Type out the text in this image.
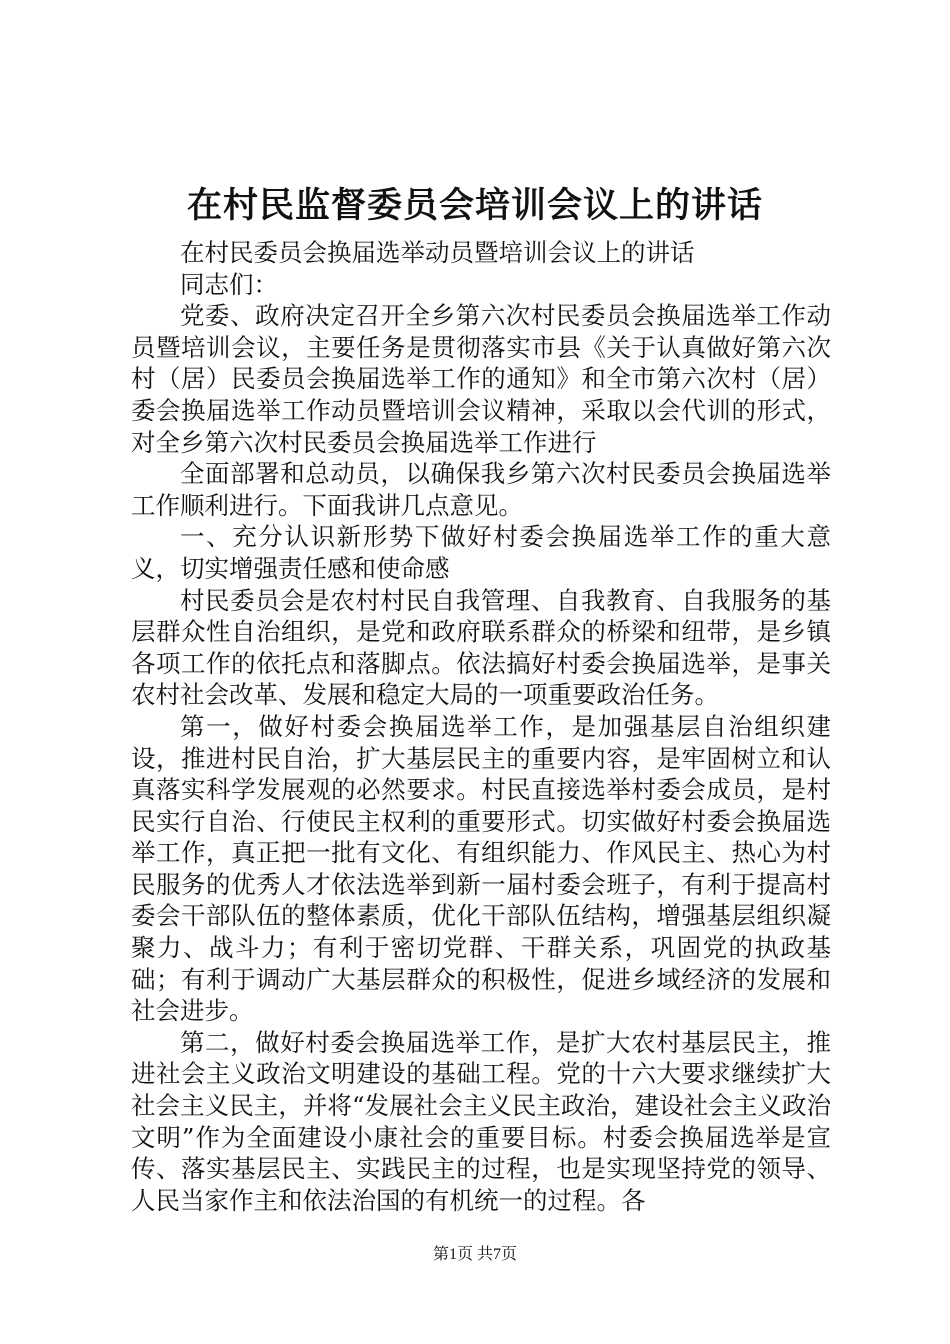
在村民监督委员会培训会议上的讲话

在村民委员会换届选举动员暨培训会议上的讲话

同志们：

党委、政府决定召开全乡第六次村民委员会换届选举工作动员暨培训会议，主要任务是贯彻落实市县《关于认真做好第六次村（居）民委员会换届选举工作的通知》和全市第六次村（居）委会换届选举工作动员暨培训会议精神，采取以会代训的形式，对全乡第六次村民委员会换届选举工作进行

全面部署和总动员，以确保我乡第六次村民委员会换届选举工作顺利进行。下面我讲几点意见。

一、充分认识新形势下做好村委会换届选举工作的重大意义，切实增强责任感和使命感

村民委员会是农村村民自我管理、自我教育、自我服务的基层群众性自治组织，是党和政府联系群众的桥梁和纽带，是乡镇各项工作的依托点和落脚点。依法搞好村委会换届选举，是事关农村社会改革、发展和稳定大局的一项重要政治任务。

第一，做好村委会换届选举工作，是加强基层自治组织建设，推进村民自治，扩大基层民主的重要内容，是牢固树立和认真落实科学发展观的必然要求。村民直接选举村委会成员，是村民实行自治、行使民主权利的重要形式。切实做好村委会换届选举工作，真正把一批有文化、有组织能力、作风民主、热心为村民服务的优秀人才依法选举到新一届村委会班子，有利于提高村委会干部队伍的整体素质，优化干部队伍结构，增强基层组织凝聚力、战斗力；有利于密切党群、干群关系，巩固党的执政基础；有利于调动广大基层群众的积极性，促进乡域经济的发展和社会进步。

第二，做好村委会换届选举工作，是扩大农村基层民主，推进社会主义政治文明建设的基础工程。党的十六大要求继续扩大社会主义民主，并将“发展社会主义民主政治，建设社会主义政治文明”作为全面建设小康社会的重要目标。村委会换届选举是宣传、落实基层民主、实践民主的过程，也是实现坚持党的领导、人民当家作主和依法治国的有机统一的过程。各

第1页 共7页
